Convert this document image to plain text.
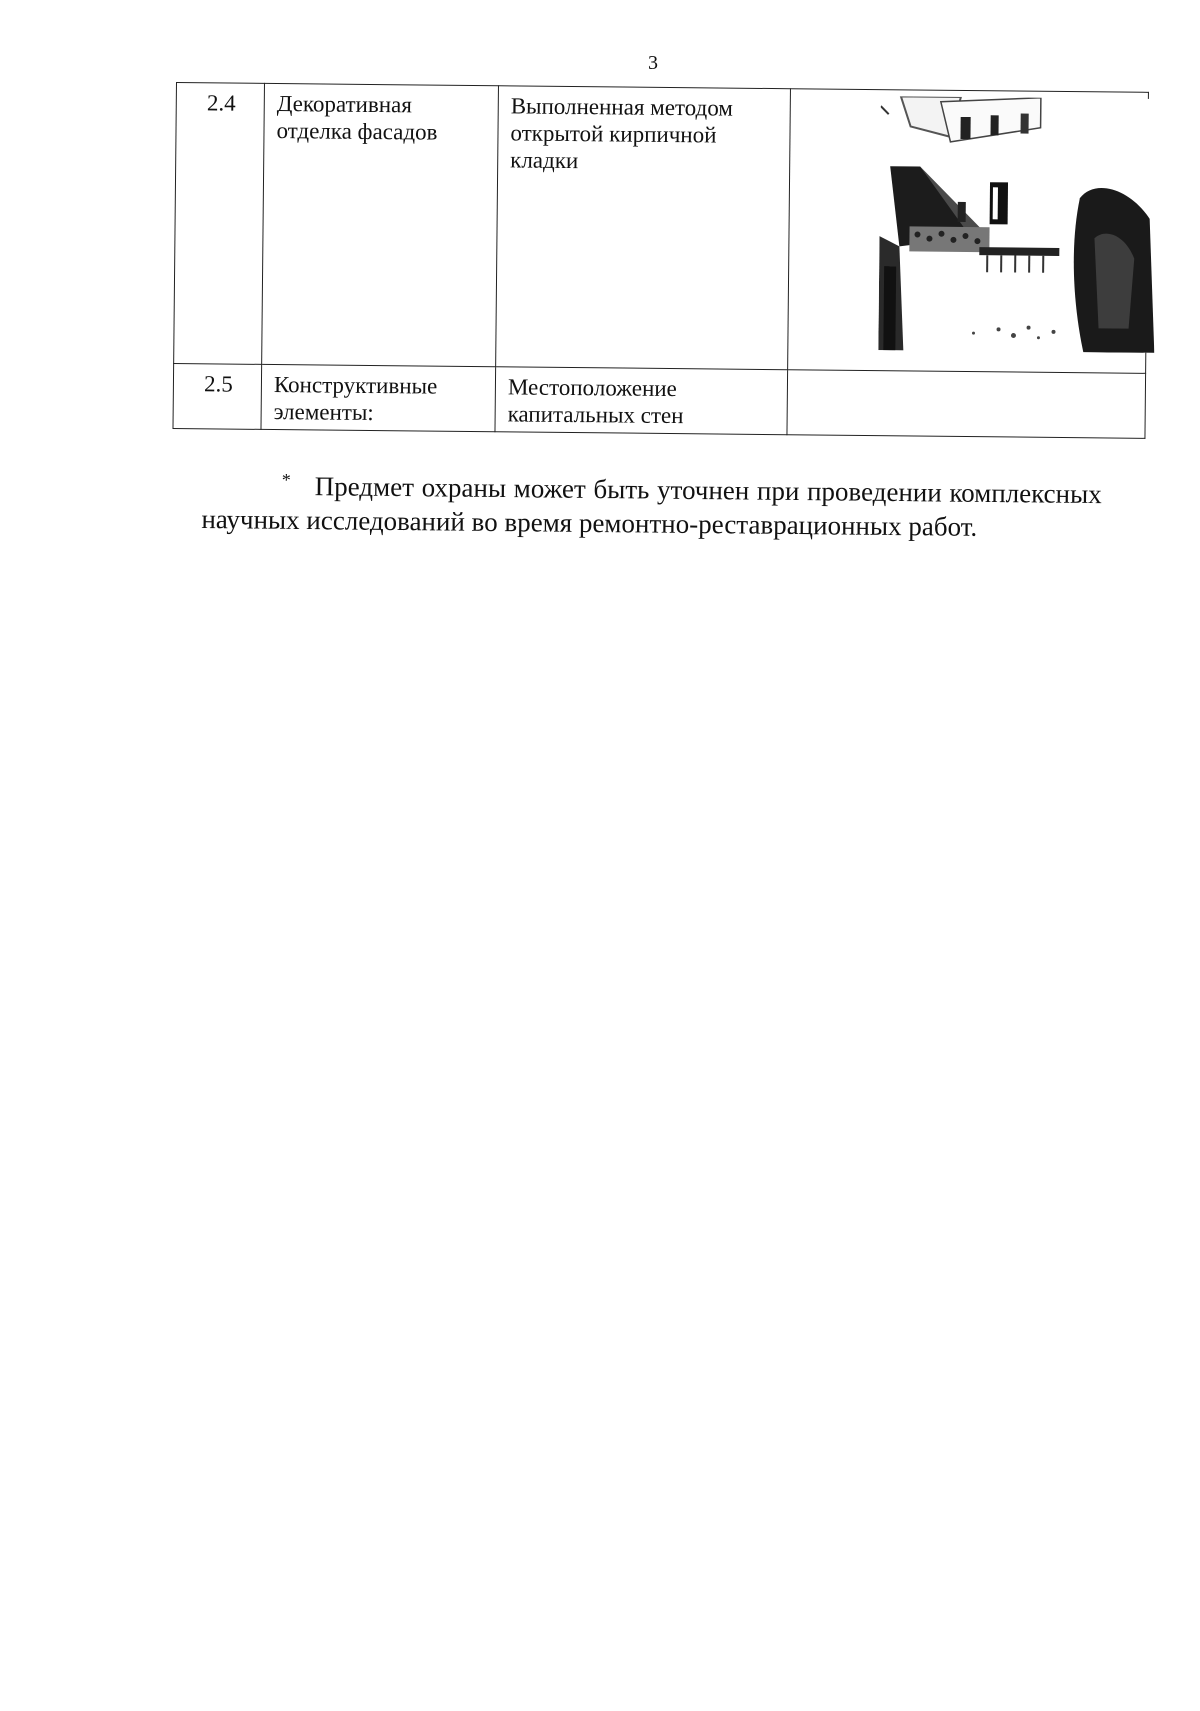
3
2.4	Декоративная отделка фасадов	Выполненная методом открытой кирпичной кладки	

2.5	Конструктивные элементы:	Местоположение капитальных стен	
* Предмет охраны может быть уточнен при проведении комплексных научных исследований во время ремонтно-реставрационных работ.
